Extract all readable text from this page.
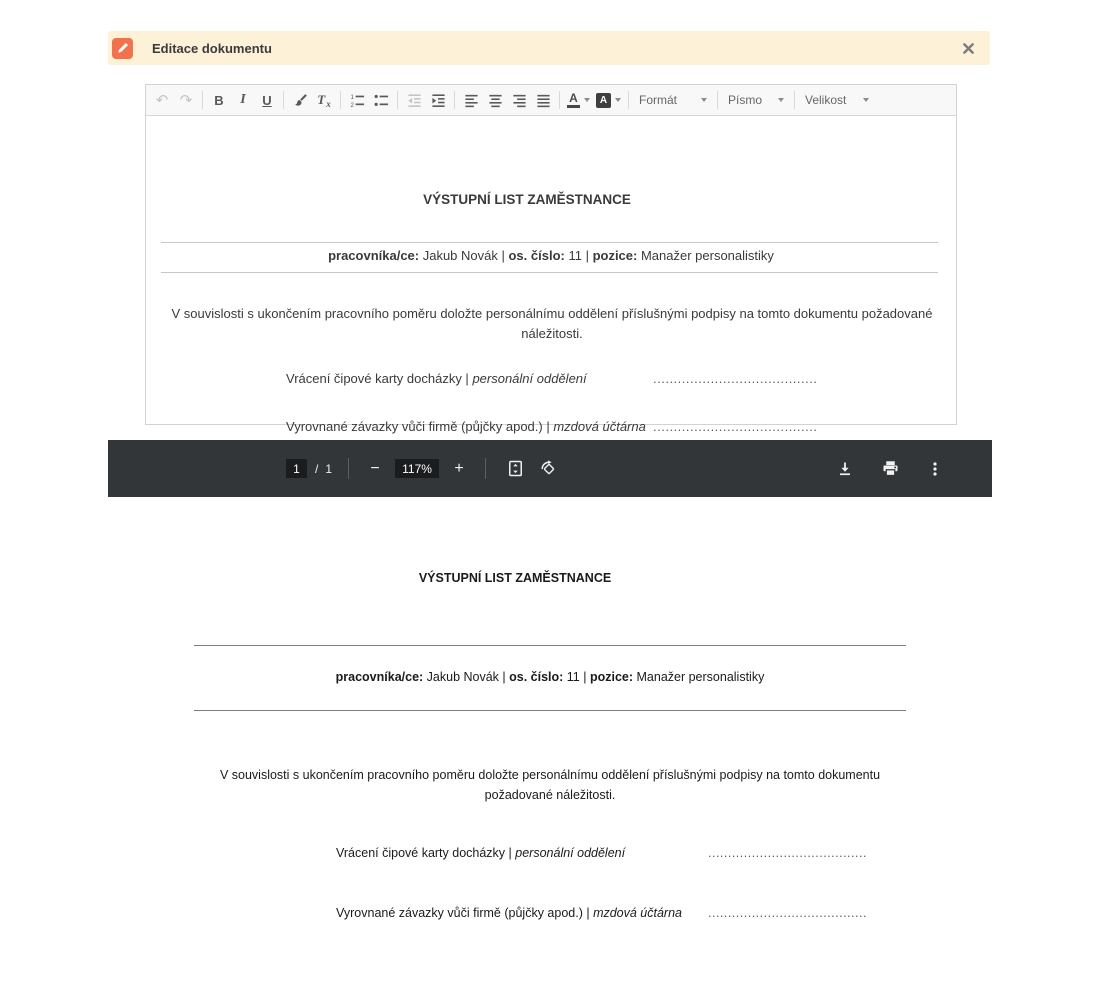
Editace dokumentu
↶ ↷	B	I	U	T x
1
2
A	A	Formát	Písmo	Velikost
VÝSTUPNÍ LIST ZAMĚSTNANCE
pracovníka/ce: Jakub Novák | os. číslo: 11 | pozice: Manažer personalistiky
V souvislosti s ukončením pracovního poměru doložte personálnímu oddělení příslušnými podpisy na tomto dokumentu požadované náležitosti.
Vrácení čipové karty docházky | personální oddělení	........................................
Vyrovnané závazky vůči firmě (půjčky apod.) | mzdová účtárna ........................................
1	/ 1	−	117%	+
VÝSTUPNÍ LIST ZAMĚSTNANCE
pracovníka/ce: Jakub Novák | os. číslo: 11 | pozice: Manažer personalistiky
V souvislosti s ukončením pracovního poměru doložte personálnímu oddělení příslušnými podpisy na tomto dokumentu požadované náležitosti.
Vrácení čipové karty docházky | personální oddělení	........................................
Vyrovnané závazky vůči firmě (půjčky apod.) | mzdová účtárna	........................................
